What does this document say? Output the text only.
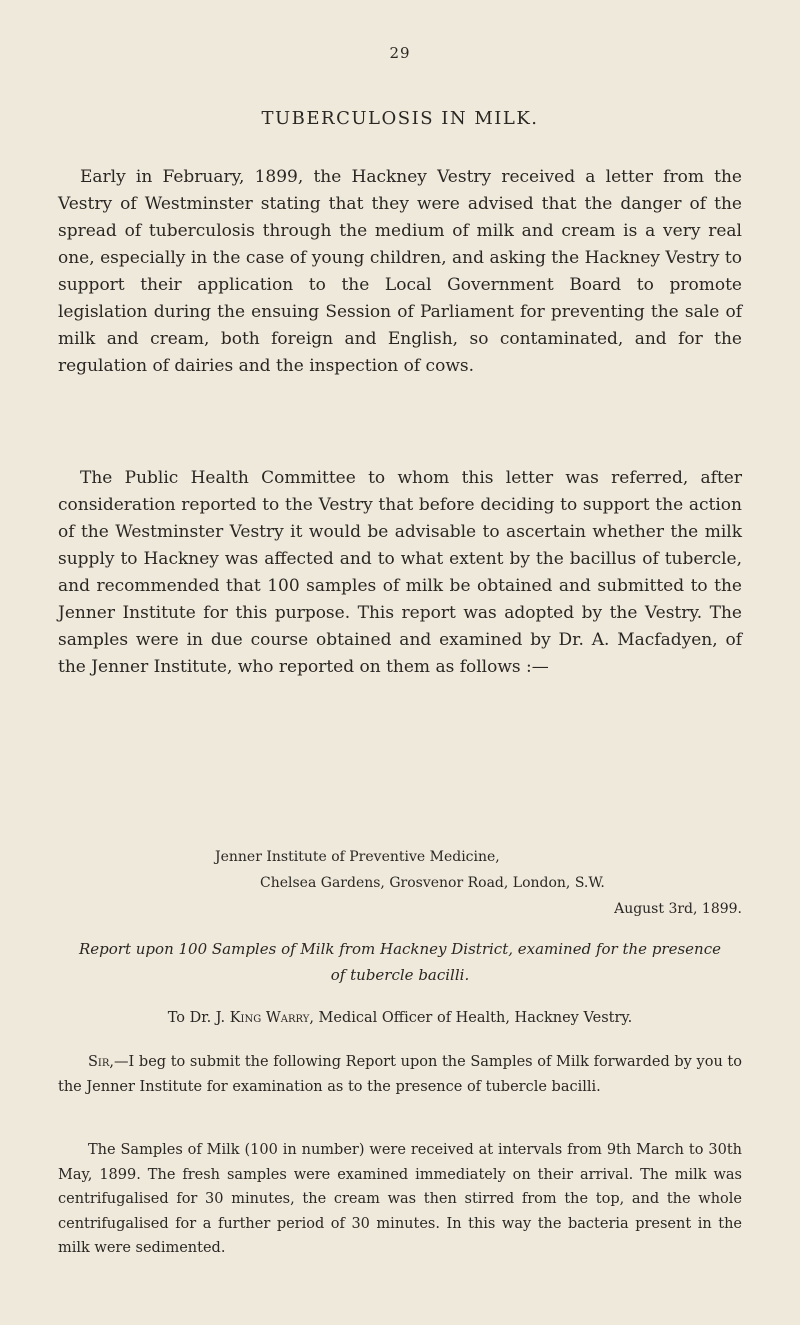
29
TUBERCULOSIS IN MILK.

Early in February, 1899, the Hackney Vestry received a letter from the Vestry of Westminster stating that they were advised that the danger of the spread of tuberculosis through the medium of milk and cream is a very real one, especially in the case of young children, and asking the Hackney Vestry to support their application to the Local Government Board to promote legislation during the ensuing Session of Parliament for preventing the sale of milk and cream, both foreign and English, so contaminated, and for the regulation of dairies and the inspection of cows.

The Public Health Committee to whom this letter was referred, after consideration reported to the Vestry that before deciding to support the action of the Westminster Vestry it would be advisable to ascertain whether the milk supply to Hackney was affected and to what extent by the bacillus of tubercle, and recommended that 100 samples of milk be obtained and submitted to the Jenner Institute for this purpose. This report was adopted by the Vestry. The samples were in due course obtained and examined by Dr. A. Macfadyen, of the Jenner Institute, who reported on them as follows :—

Jenner Institute of Preventive Medicine,
Chelsea Gardens, Grosvenor Road, London, S.W.
August 3rd, 1899.
Report upon 100 Samples of Milk from Hackney District, examined for the presence of tubercle bacilli.
To Dr. J. King Warry, Medical Officer of Health, Hackney Vestry.

Sir,—I beg to submit the following Report upon the Samples of Milk forwarded by you to the Jenner Institute for examination as to the presence of tubercle bacilli.

The Samples of Milk (100 in number) were received at intervals from 9th March to 30th May, 1899. The fresh samples were examined immediately on their arrival. The milk was centrifugalised for 30 minutes, the cream was then stirred from the top, and the whole centrifugalised for a further period of 30 minutes. In this way the bacteria present in the milk were sedimented.
